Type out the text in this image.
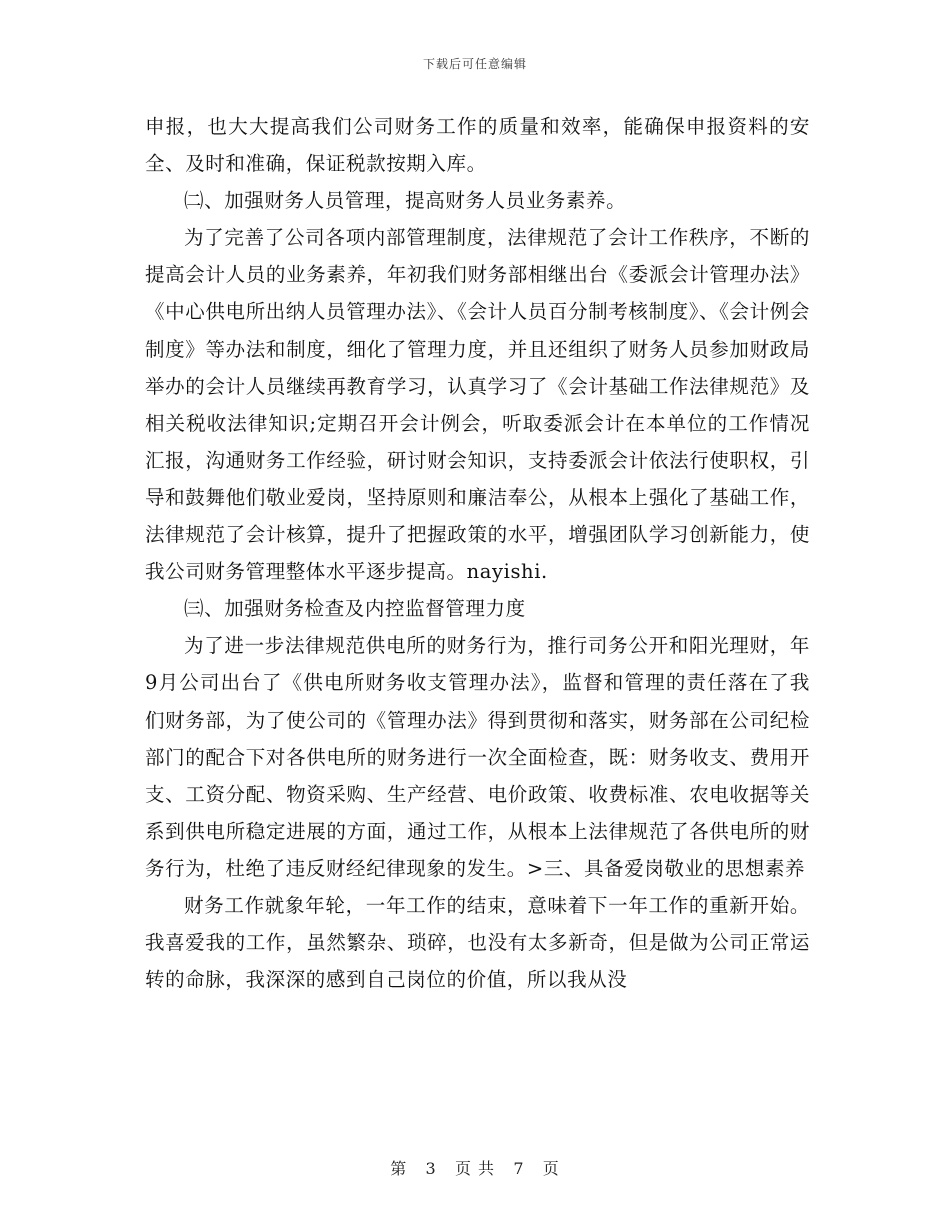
下载后可任意编辑

申报，也大大提高我们公司财务工作的质量和效率，能确保申报资料的安全、及时和准确，保证税款按期入库。

㈡、加强财务人员管理，提高财务人员业务素养。

为了完善了公司各项内部管理制度，法律规范了会计工作秩序，不断的提高会计人员的业务素养，年初我们财务部相继出台《委派会计管理办法》《中心供电所出纳人员管理办法》、《会计人员百分制考核制度》、《会计例会制度》等办法和制度，细化了管理力度，并且还组织了财务人员参加财政局举办的会计人员继续再教育学习，认真学习了《会计基础工作法律规范》及相关税收法律知识;定期召开会计例会，听取委派会计在本单位的工作情况汇报，沟通财务工作经验，研讨财会知识，支持委派会计依法行使职权，引导和鼓舞他们敬业爱岗，坚持原则和廉洁奉公，从根本上强化了基础工作，法律规范了会计核算，提升了把握政策的水平，增强团队学习创新能力，使我公司财务管理整体水平逐步提高。nayishi.

㈢、加强财务检查及内控监督管理力度

为了进一步法律规范供电所的财务行为，推行司务公开和阳光理财，年9月公司出台了《供电所财务收支管理办法》，监督和管理的责任落在了我们财务部，为了使公司的《管理办法》得到贯彻和落实，财务部在公司纪检部门的配合下对各供电所的财务进行一次全面检查，既：财务收支、费用开支、工资分配、物资采购、生产经营、电价政策、收费标准、农电收据等关系到供电所稳定进展的方面，通过工作，从根本上法律规范了各供电所的财务行为，杜绝了违反财经纪律现象的发生。>三、具备爱岗敬业的思想素养

财务工作就象年轮，一年工作的结束，意味着下一年工作的重新开始。我喜爱我的工作，虽然繁杂、琐碎，也没有太多新奇，但是做为公司正常运转的命脉，我深深的感到自己岗位的价值，所以我从没

第 3 页 共 7 页
